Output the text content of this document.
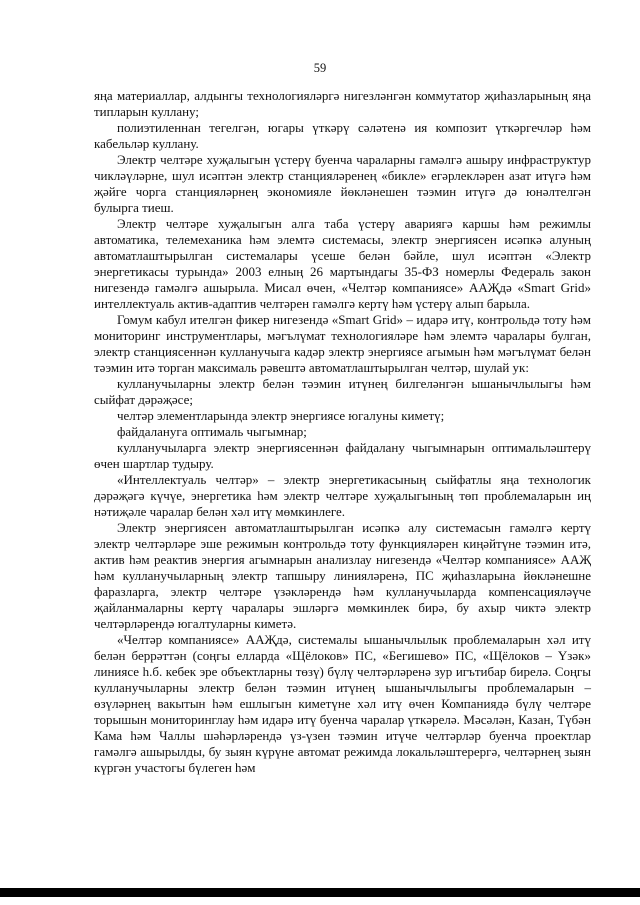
59

яңа материаллар, алдынгы технологияләргә нигезләнгән коммутатор җиһазларының яңа типларын куллану;

полиэтиленнан тегелгән, югары үткәрү сәләтенә ия композит үткәргечләр һәм кабельләр куллану.

Электр челтәре хуҗалыгын үстерү буенча чараларны гамәлгә ашыру инфраструктур чикләүләрне, шул исәптән электр станцияләренең «бикле» егәрлекләрен азат итүгә һәм җәйге чорга станцияләрнең экономияле йөкләнешен тәэмин итүгә дә юнәлтелгән булырга тиеш.

Электр челтәре хуҗалыгын алга таба үстерү авариягә каршы һәм режимлы автоматика, телемеханика һәм элемтә системасы, электр энергиясен исәпкә алуның автоматлаштырылган системалары үсеше белән бәйле, шул исәптән «Электр энергетикасы турында» 2003 елның 26 мартындагы 35-ФЗ номерлы Федераль закон нигезендә гамәлгә ашырыла. Мисал өчен, «Челтәр компаниясе» ААҖдә «Smart Grid» интеллектуаль актив-адаптив челтәрен гамәлгә кертү һәм үстерү алып барыла.

Гомум кабул ителгән фикер нигезендә «Smart Grid» – идарә итү, контрольдә тоту һәм мониторинг инструментлары, мәгълүмат технологияләре һәм элемтә чаралары булган, электр станциясеннән кулланучыга кадәр электр энергиясе агымын һәм мәгълүмат белән тәэмин итә торган максималь рәвештә автоматлаштырылган челтәр, шулай ук:

кулланучыларны электр белән тәэмин итүнең билгеләнгән ышанычлылыгы һәм сыйфат дәрәҗәсе;

челтәр элементларында электр энергиясе югалуны киметү;

файдалануга оптималь чыгымнар;

кулланучыларга электр энергиясеннән файдалану чыгымнарын оптимальләштерү өчен шартлар тудыру.

«Интеллектуаль челтәр» – электр энергетикасының сыйфатлы яңа технологик дәрәҗәгә күчүе, энергетика һәм электр челтәре хуҗалыгының төп проблемаларын иң нәтиҗәле чаралар белән хәл итү мөмкинлеге.

Электр энергиясен автоматлаштырылган исәпкә алу системасын гамәлгә кертү электр челтәрләре эше режимын контрольдә тоту функцияләрен киңәйтүне тәэмин итә, актив һәм реактив энергия агымнарын анализлау нигезендә «Челтәр компаниясе» ААҖ һәм кулланучыларның электр тапшыру линияләренә, ПС җиһазларына йөкләнешне фаразларга, электр челтәре үзәкләрендә һәм кулланучыларда компенсацияләүче җайланмаларны кертү чаралары эшләргә мөмкинлек бирә, бу ахыр чиктә электр челтәрләрендә югалтуларны киметә.

«Челтәр компаниясе» ААҖдә, системалы ышанычлылык проблемаларын хәл итү белән беррәттән (соңгы елларда «Щёлоков» ПС, «Бегишево» ПС, «Щёлоков – Үзәк» линиясе һ.б. кебек эре объектларны төзү) бүлү челтәрләренә зур игътибар бирелә. Соңгы кулланучыларны электр белән тәэмин итүнең ышанычлылыгы проблемаларын – өзүләрнең вакытын һәм ешлыгын киметүне хәл итү өчен Компаниядә бүлү челтәре торышын мониторинглау һәм идарә итү буенча чаралар үткәрелә. Мәсәлән, Казан, Түбән Кама һәм Чаллы шәһәрләрендә үз-үзен тәэмин итүче челтәрләр буенча проектлар гамәлгә ашырылды, бу зыян күрүне автомат режимда локальләштерергә, челтәрнең зыян күргән участогы бүлеген һәм
